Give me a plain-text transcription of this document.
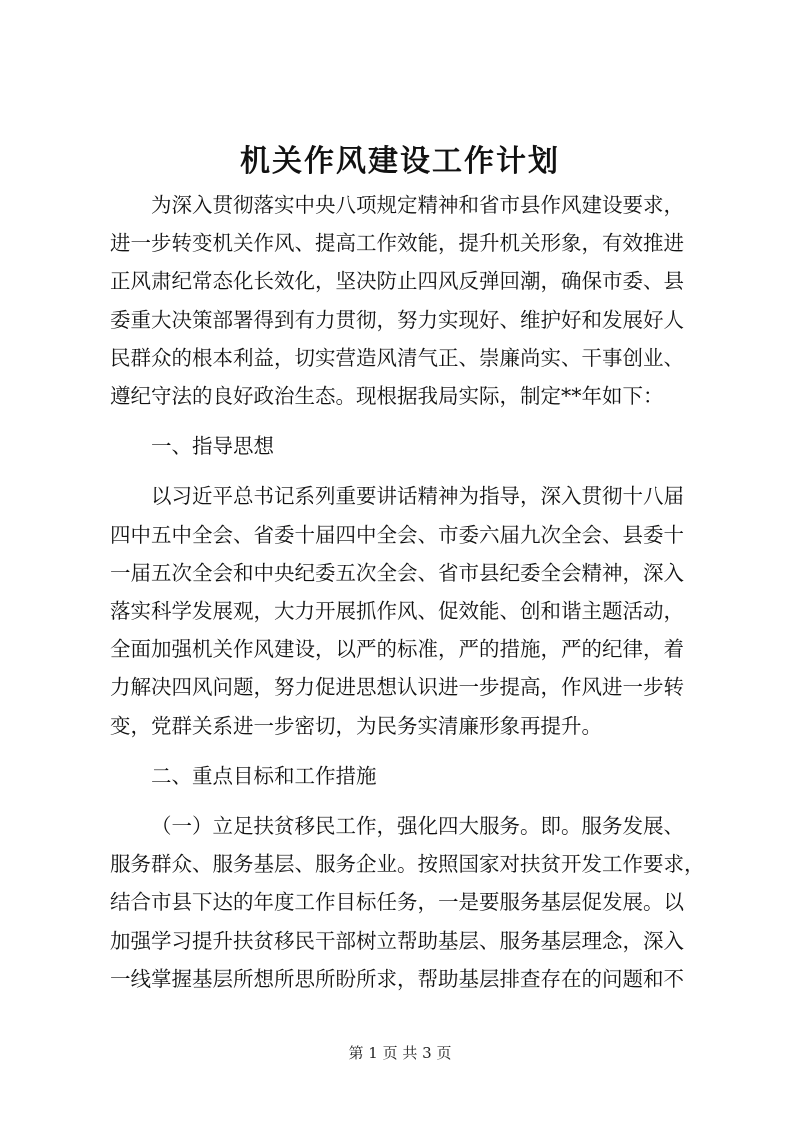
机关作风建设工作计划

为深入贯彻落实中央八项规定精神和省市县作风建设要求，
进一步转变机关作风、提高工作效能，提升机关形象，有效推进
正风肃纪常态化长效化，坚决防止四风反弹回潮，确保市委、县
委重大决策部署得到有力贯彻，努力实现好、维护好和发展好人
民群众的根本利益，切实营造风清气正、崇廉尚实、干事创业、
遵纪守法的良好政治生态。现根据我局实际，制定**年如下：

一、指导思想

以习近平总书记系列重要讲话精神为指导，深入贯彻十八届
四中五中全会、省委十届四中全会、市委六届九次全会、县委十
一届五次全会和中央纪委五次全会、省市县纪委全会精神，深入
落实科学发展观，大力开展抓作风、促效能、创和谐主题活动，
全面加强机关作风建设，以严的标准，严的措施，严的纪律，着
力解决四风问题，努力促进思想认识进一步提高，作风进一步转
变，党群关系进一步密切，为民务实清廉形象再提升。

二、重点目标和工作措施

（一）立足扶贫移民工作，强化四大服务。即。服务发展、
服务群众、服务基层、服务企业。按照国家对扶贫开发工作要求，
结合市县下达的年度工作目标任务，一是要服务基层促发展。以
加强学习提升扶贫移民干部树立帮助基层、服务基层理念，深入
一线掌握基层所想所思所盼所求，帮助基层排查存在的问题和不

第 1 页 共 3 页
